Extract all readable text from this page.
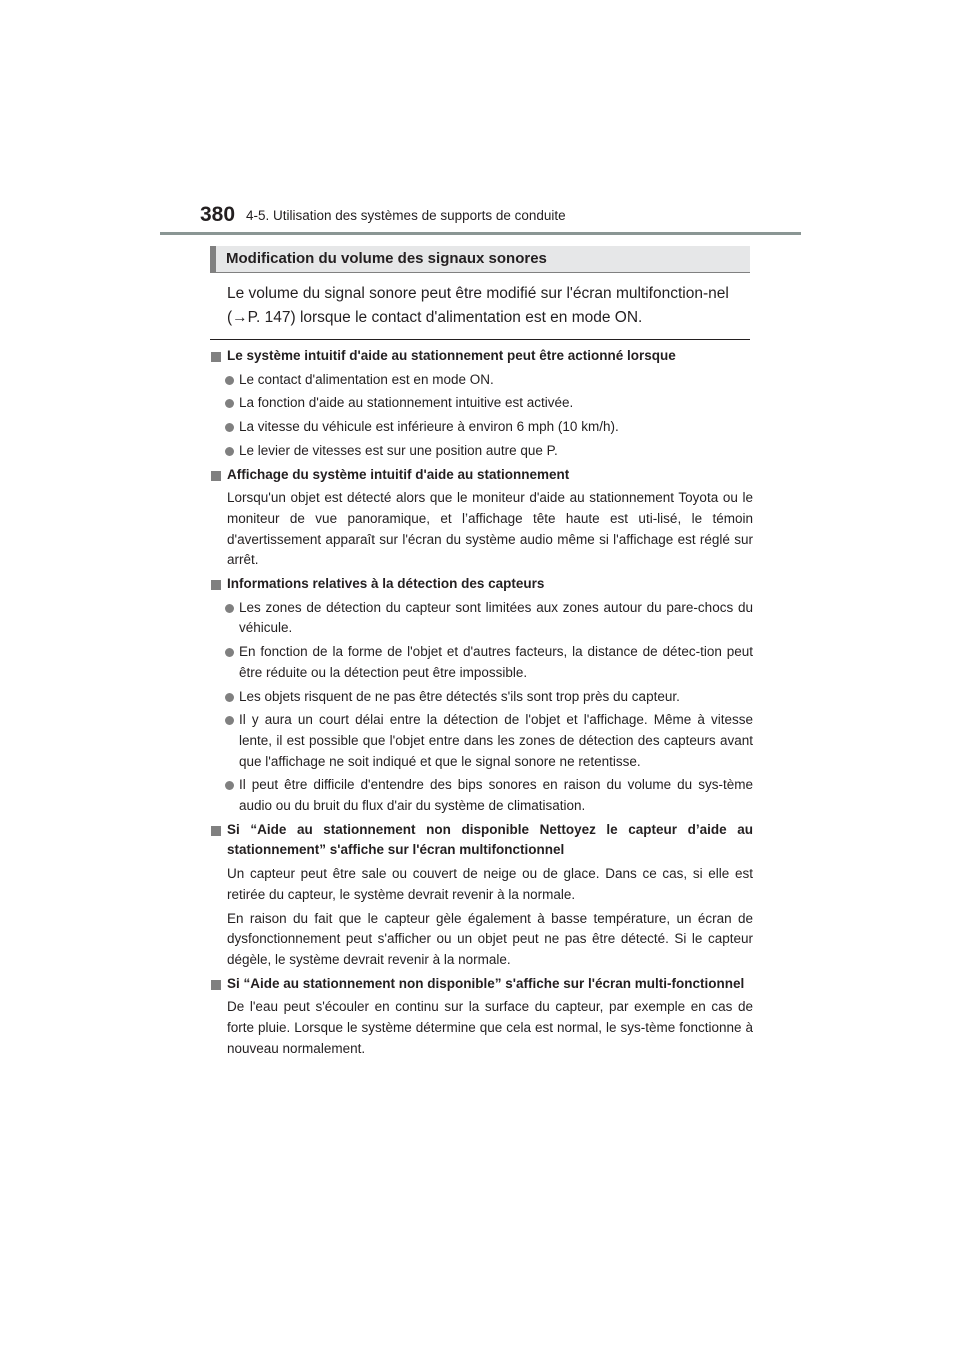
380 4-5. Utilisation des systèmes de supports de conduite
Modification du volume des signaux sonores

Le volume du signal sonore peut être modifié sur l'écran multifonction-nel (→P. 147) lorsque le contact d'alimentation est en mode ON.

Le système intuitif d'aide au stationnement peut être actionné lorsque
Le contact d'alimentation est en mode ON.
La fonction d'aide au stationnement intuitive est activée.
La vitesse du véhicule est inférieure à environ 6 mph (10 km/h).
Le levier de vitesses est sur une position autre que P.
Affichage du système intuitif d'aide au stationnement
Lorsqu'un objet est détecté alors que le moniteur d'aide au stationnement Toyota ou le moniteur de vue panoramique, et l’affichage tête haute est uti-lisé, le témoin d'avertissement apparaît sur l'écran du système audio même si l'affichage est réglé sur arrêt.
Informations relatives à la détection des capteurs
Les zones de détection du capteur sont limitées aux zones autour du pare-chocs du véhicule.
En fonction de la forme de l'objet et d'autres facteurs, la distance de détec-tion peut être réduite ou la détection peut être impossible.
Les objets risquent de ne pas être détectés s'ils sont trop près du capteur.
Il y aura un court délai entre la détection de l'objet et l'affichage. Même à vitesse lente, il est possible que l'objet entre dans les zones de détection des capteurs avant que l'affichage ne soit indiqué et que le signal sonore ne retentisse.
Il peut être difficile d'entendre des bips sonores en raison du volume du sys-tème audio ou du bruit du flux d'air du système de climatisation.
Si “Aide au stationnement non disponible Nettoyez le capteur d’aide au stationnement” s'affiche sur l'écran multifonctionnel
Un capteur peut être sale ou couvert de neige ou de glace. Dans ce cas, si elle est retirée du capteur, le système devrait revenir à la normale.
En raison du fait que le capteur gèle également à basse température, un écran de dysfonctionnement peut s'afficher ou un objet peut ne pas être détecté. Si le capteur dégèle, le système devrait revenir à la normale.
Si “Aide au stationnement non disponible” s'affiche sur l'écran multi-fonctionnel
De l'eau peut s'écouler en continu sur la surface du capteur, par exemple en cas de forte pluie. Lorsque le système détermine que cela est normal, le sys-tème fonctionne à nouveau normalement.
